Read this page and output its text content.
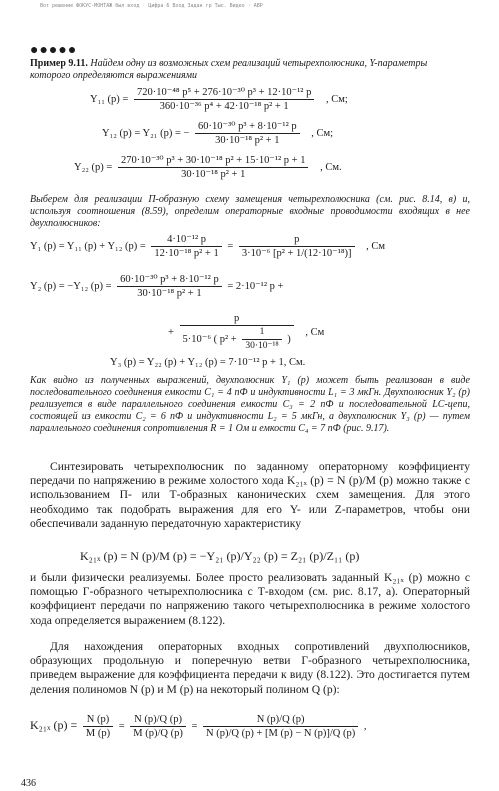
Вот решение ФОКУС-МОНТАЖ был вход · Цифра 6 Вход Задан гр Тыс. Видео · АВР
●●●●●
Пример 9.11. Найдем одну из возможных схем реализаций четырехполюсника, Y-параметры которого определяются выражениями
Y₁₁ $(p) = \frac{\text{720·10⁻⁴⁸ p⁵ + 276·10⁻³⁰ p³ + 12·10⁻¹² p}}{\text{360·10⁻³⁶ p⁴ + 42·10⁻¹⁸ p² + 1}}$ , См;
Y₁₂ (p) = Y₂₁ (p) = − $\frac{\text{60·10⁻³⁰ p³ + 8·10⁻¹² p}}{\text{30·10⁻¹⁸ p² + 1}}$ , См;
Y₂₂ $(p) = \frac{\text{270·10⁻³⁰ p³ + 30·10⁻¹⁸ p² + 15·10⁻¹² p + 1}}{\text{30·10⁻¹⁸ p² + 1}}$ , См.
Выберем для реализации П-образную схему замещения четырехполюсника (см. рис. 8.14, в) и, используя соотношения (8.59), определим операторные входные проводимости входящих в нее двухполюсников:
Y₁ (p) = Y₁₁ (p) + Y₁₂ $(p) = \frac{\text{4·10⁻¹² p}}{\text{12·10⁻¹⁸ p² + 1}} = \frac{p}{\text{3·10⁻⁶ [p² + 1/(12·10⁻¹⁸)]}}$ , См
Y₂ (p) = −Y₁₂ $(p) = \frac{\text{60·10⁻³⁰ p³ + 8·10⁻¹² p}}{\text{30·10⁻¹⁸ p² + 1}} = 2\cdot 10^{-12}$ p +
+
p
5·10⁻⁶ ( $p^2 + \frac{1}{\text{30·10⁻¹⁸}}$ )
, См
Y₃ (p) = Y₂₂ (p) + Y₁₂ (p) = 7·10⁻¹² p + 1, См.
Как видно из полученных выражений, двухполюсник Y₁ (p) может быть реализован в виде последовательного соединения емкости C₁ = 4 пФ и индуктивности L₁ = 3 мкГн. Двухполюсник Y₂ (p) реализуется в виде параллельного соединения емкости C₃ = 2 пФ и последовательной LC-цепи, состоящей из емкости C₂ = 6 пФ и индуктивности L₂ = 5 мкГн, а двухполюсник Y₃ (p) — путем параллельного соединения сопротивления R = 1 Ом и емкости C₄ = 7 пФ (рис. 9.17).
Синтезировать четырехполюсник по заданному операторному коэффициенту передачи по напряжению в режиме холостого хода K₂₁ₓ (p) = N (p)/M (p) можно также с использованием П- или Т-образных канонических схем замещения. Для этого необходимо так подобрать выражения для его Y- или Z-параметров, чтобы они обеспечивали заданную передаточную характеристику
K₂₁ₓ (p) = N (p)/M (p) = −Y₂₁ (p)/Y₂₂ (p) = Z₂₁ (p)/Z₁₁ (p)
и были физически реализуемы. Более просто реализовать заданный K₂₁ₓ (p) можно с помощью Г-образного четырехполюсника с Т-входом (см. рис. 8.17, а). Операторный коэффициент передачи по напряжению такого четырехполюсника в режиме холостого хода определяется выражением (8.122).
Для нахождения операторных входных сопротивлений двухполюсников, образующих продольную и поперечную ветви Г-образного четырехполюсника, приведем выражение для коэффициента передачи к виду (8.122). Это достигается путем деления полиномов N (p) и M (p) на некоторый полином Q (p):
K₂₁ₓ $(p) = \frac{N (p)}{M (p)} = \frac{N (p)/Q (p)}{M (p)/Q (p)} = \frac{N (p)/Q (p)}{N (p)/Q (p) + [M (p) - N (p)]/Q (p)}$ ,
436
